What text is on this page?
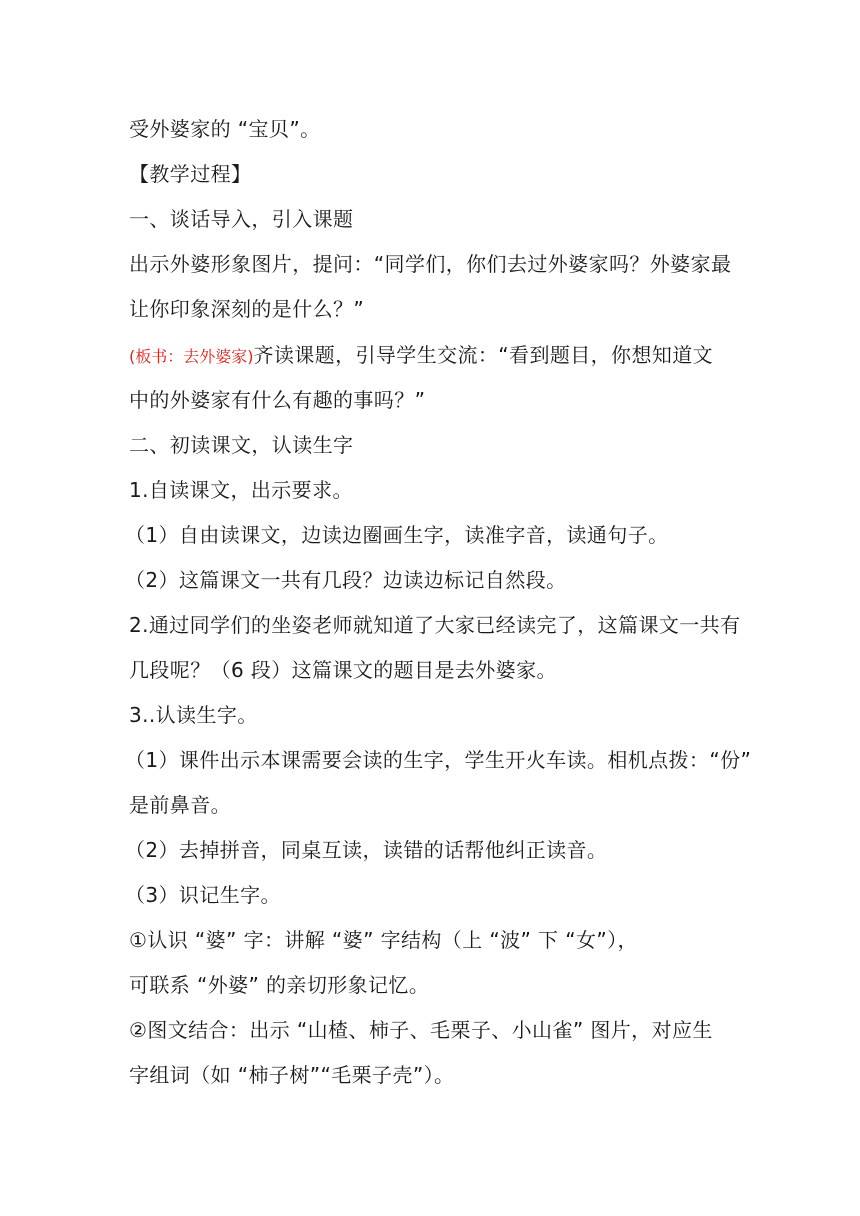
受外婆家的 “宝贝”。
【教学过程】
一、谈话导入，引入课题
出示外婆形象图片，提问：“同学们，你们去过外婆家吗？外婆家最
让你印象深刻的是什么？”
(板书：去外婆家)齐读课题，引导学生交流：“看到题目，你想知道文
中的外婆家有什么有趣的事吗？”
二、初读课文，认读生字
1.自读课文，出示要求。
（1）自由读课文，边读边圈画生字，读准字音，读通句子。
（2）这篇课文一共有几段？边读边标记自然段。
2.通过同学们的坐姿老师就知道了大家已经读完了，这篇课文一共有
几段呢？（6 段）这篇课文的题目是去外婆家。
3..认读生字。
（1）课件出示本课需要会读的生字，学生开火车读。相机点拨：“份”
是前鼻音。
（2）去掉拼音，同桌互读，读错的话帮他纠正读音。
（3）识记生字。
①认识 “婆” 字：讲解 “婆” 字结构（上 “波” 下 “女”），
可联系 “外婆” 的亲切形象记忆。
②图文结合：出示 “山楂、柿子、毛栗子、小山雀” 图片，对应生
字组词（如 “柿子树”“毛栗子壳”）。
